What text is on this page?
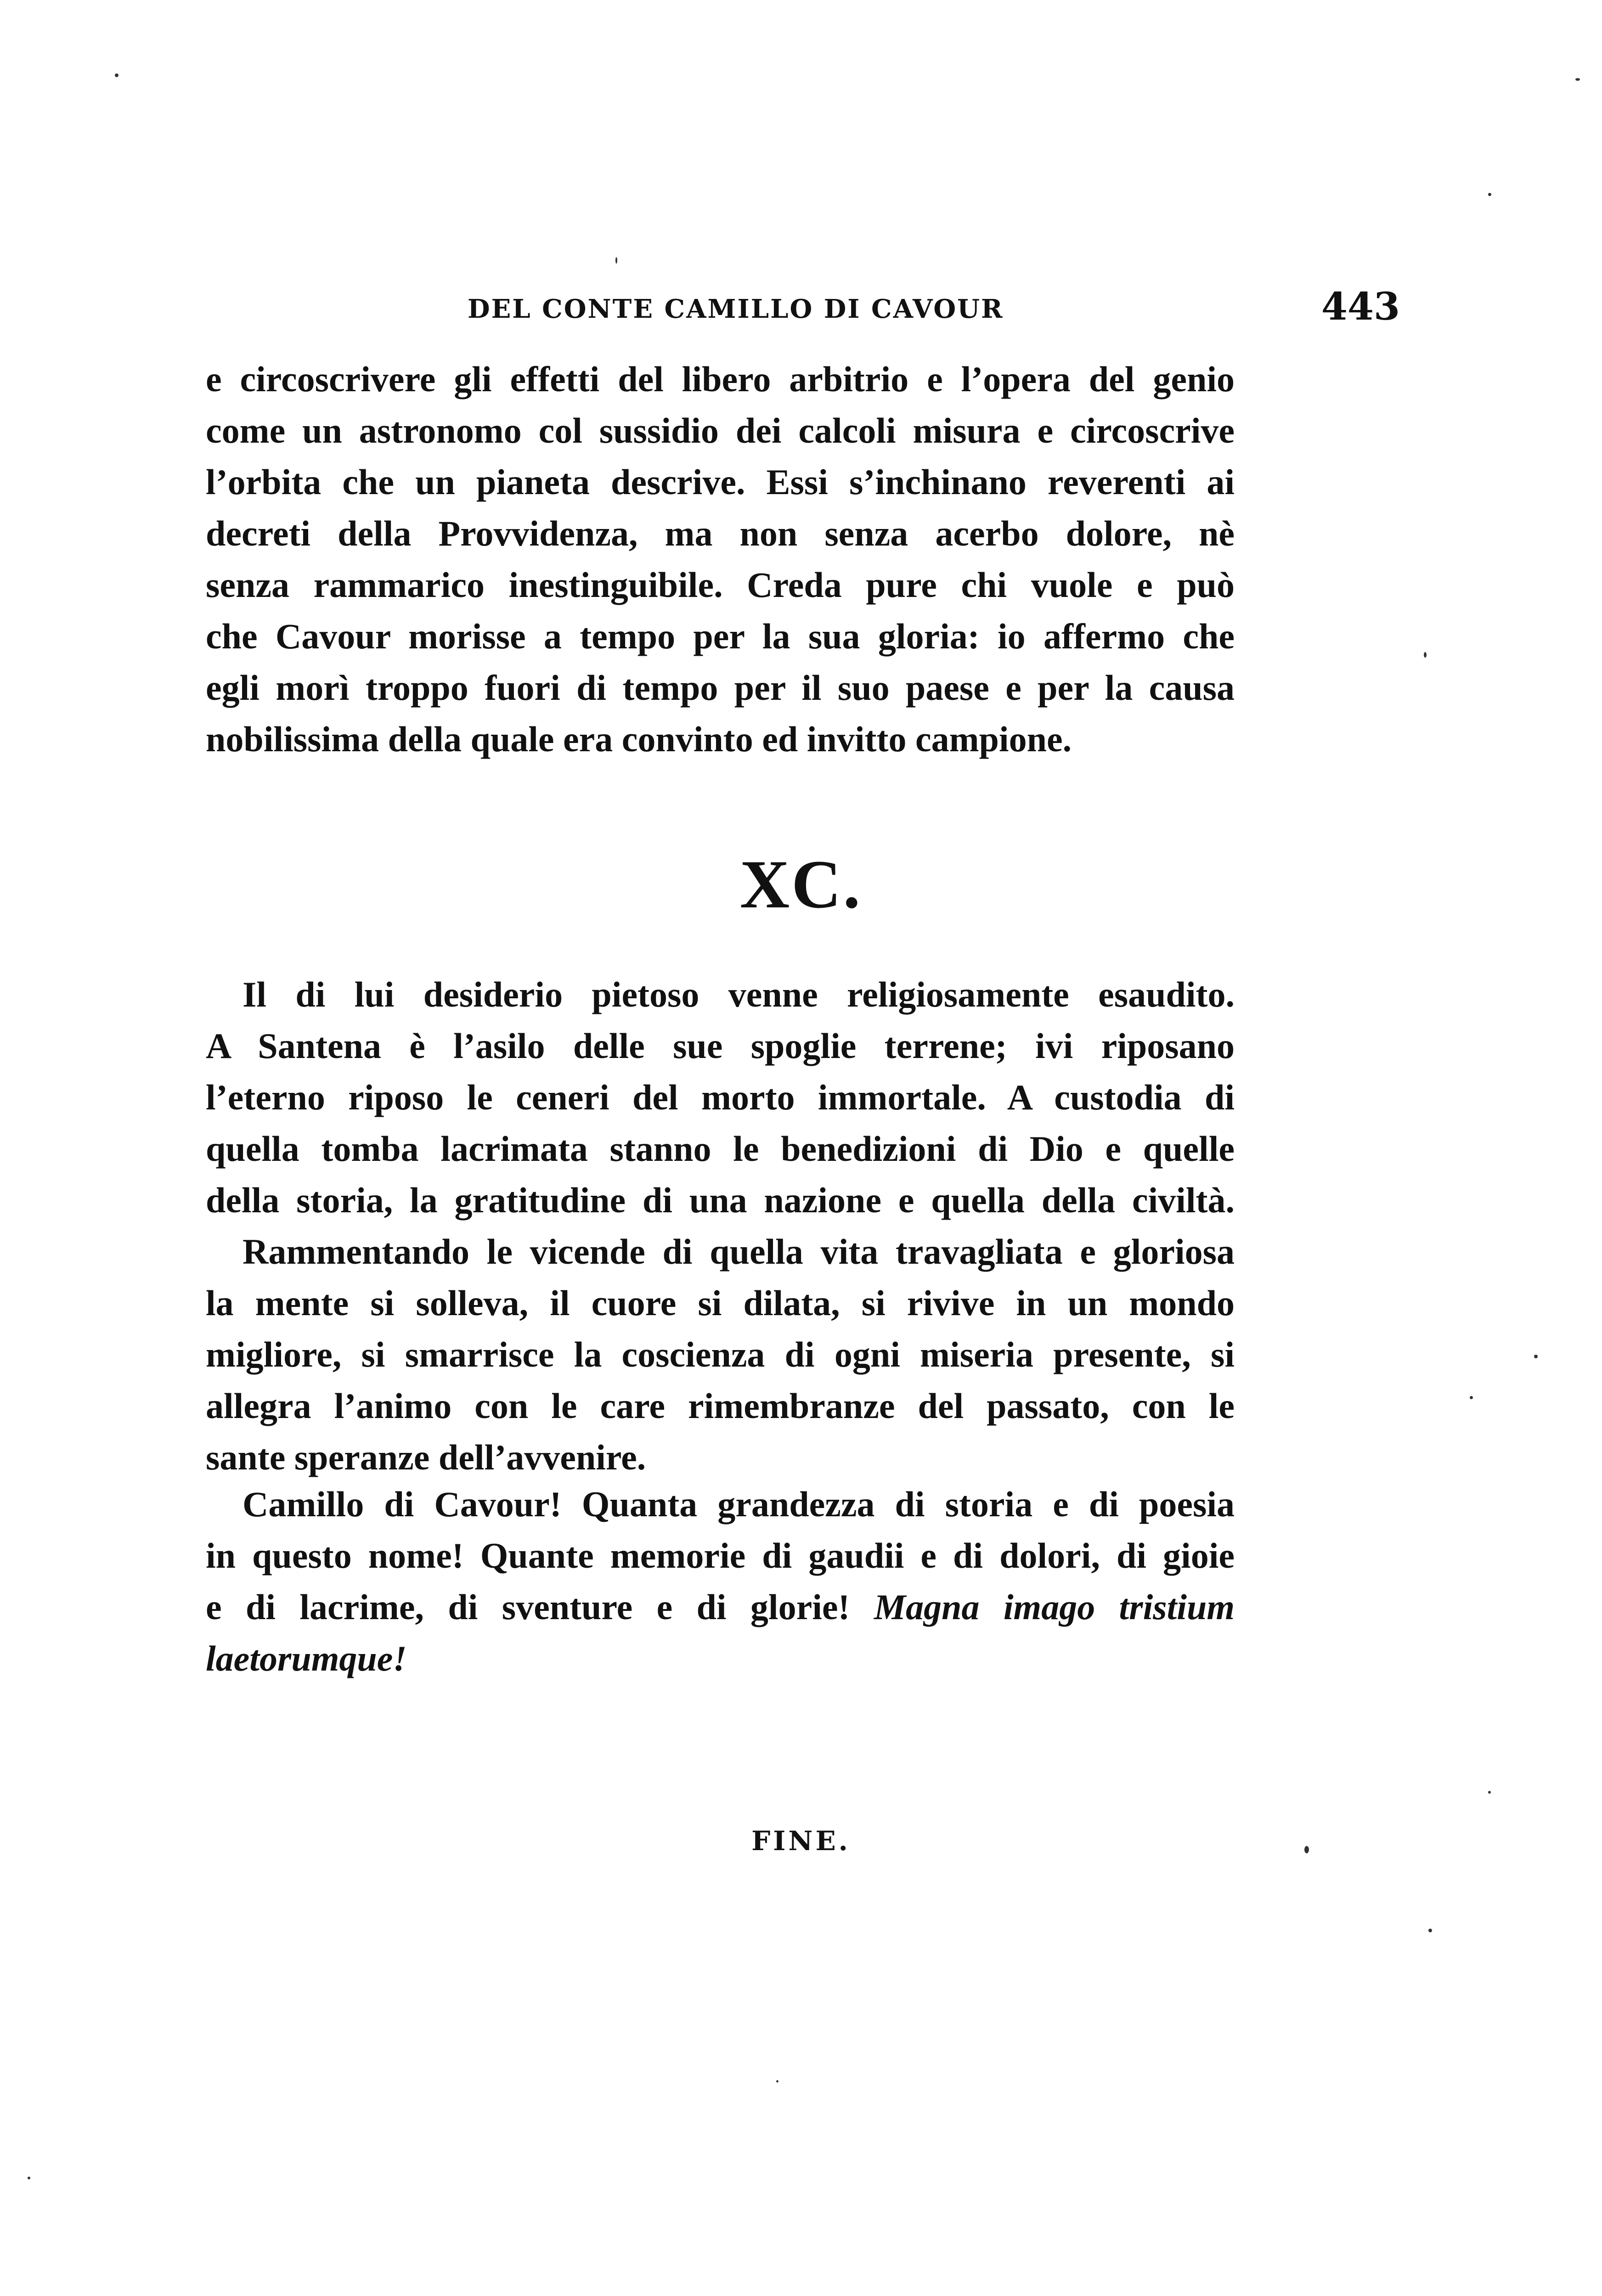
DEL CONTE CAMILLO DI CAVOUR	443
e circoscrivere gli effetti del libero arbitrio e l’opera del genio
come un astronomo col sussidio dei calcoli misura e circoscrive
l’orbita che un pianeta descrive. Essi s’inchinano reverenti ai
decreti della Provvidenza, ma non senza acerbo dolore, nè
senza rammarico inestinguibile. Creda pure chi vuole e può
che Cavour morisse a tempo per la sua gloria: io affermo che
egli morì troppo fuori di tempo per il suo paese e per la causa
nobilissima della quale era convinto ed invitto campione.
XC.
Il di lui desiderio pietoso venne religiosamente esaudito.
A Santena è l’asilo delle sue spoglie terrene; ivi riposano
l’eterno riposo le ceneri del morto immortale. A custodia di
quella tomba lacrimata stanno le benedizioni di Dio e quelle
della storia, la gratitudine di una nazione e quella della civiltà.
Rammentando le vicende di quella vita travagliata e gloriosa
la mente si solleva, il cuore si dilata, si rivive in un mondo
migliore, si smarrisce la coscienza di ogni miseria presente, si
allegra l’animo con le care rimembranze del passato, con le
sante speranze dell’avvenire.
Camillo di Cavour! Quanta grandezza di storia e di poesia
in questo nome! Quante memorie di gaudii e di dolori, di gioie
e di lacrime, di sventure e di glorie! Magna imago tristium
laetorumque!
FINE.
